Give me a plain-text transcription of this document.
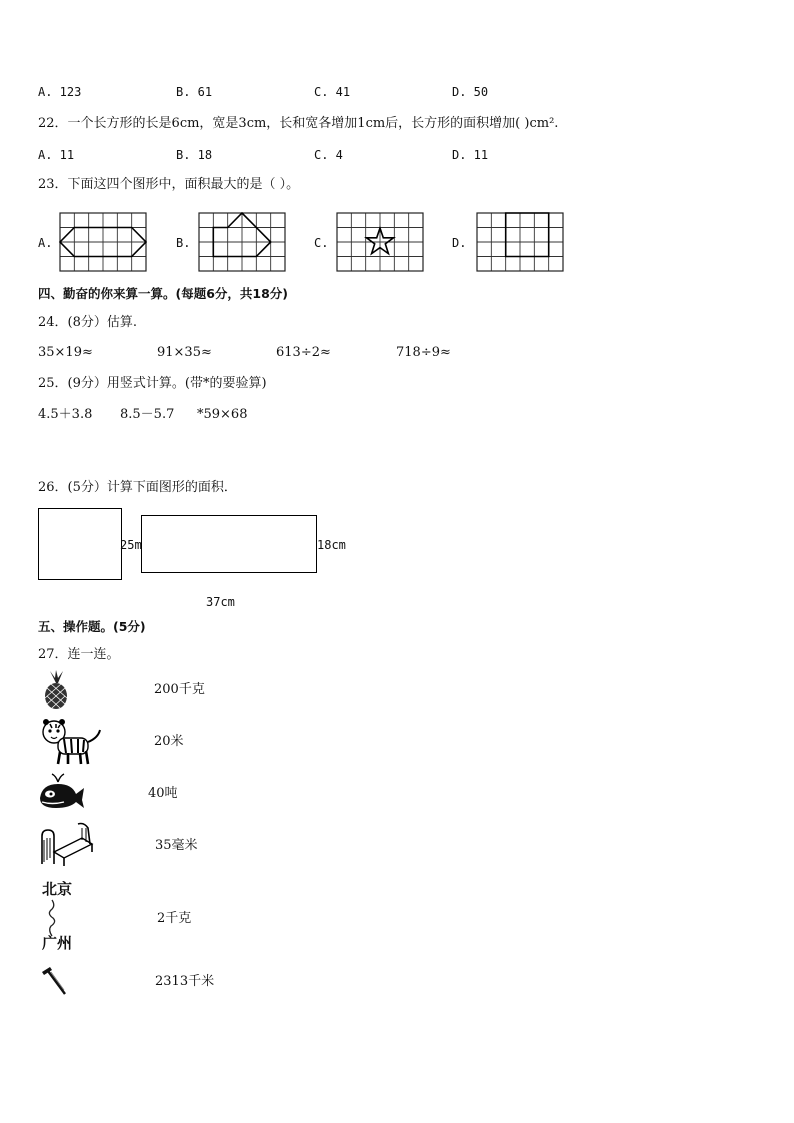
A. 123	B. 61	C. 41	D. 50
22．一个长方形的长是6cm，宽是3cm，长和宽各增加1cm后，长方形的面积增加( )cm².
A. 11	B. 18	C. 4	D. 11
23．下面这四个图形中，面积最大的是（ ）。
A.	B.	C.	D.
四、勤奋的你来算一算。(每题6分，共18分)
24．(8分）估算.
35×19≈	91×35≈	613÷2≈	718÷9≈
25．(9分）用竖式计算。(带*的要验算)
4.5＋3.8 8.5－5.7 *59×68
26．(5分）计算下面图形的面积．
25m	18cm
37cm
五、操作题。(5分)
27．连一连。
200千克
20米
40吨
35毫米
北京
广州
2千克
2313千米
